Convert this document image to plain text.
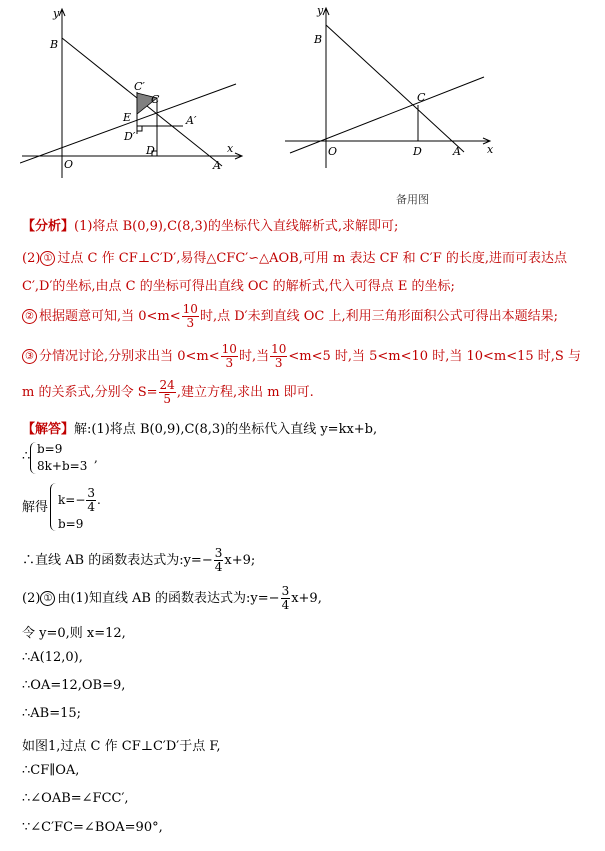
y
x
B
C′
C
E	A′
D′
O
D
A
y
x
B
C
O	D	A
备用图
【分析】(1)将点 B(0,9),C(8,3)的坐标代入直线解析式,求解即可;
(2) ① 过点 C 作 CF⊥C′D′,易得△CFC′∽△AOB,可用 m 表达 CF 和 C′F 的长度,进而可表达点
C′,D′的坐标,由点 C 的坐标可得出直线 OC 的解析式,代入可得点 E 的坐标;
② 根据题意可知,当 $0<m< \frac{10}{3}$ 时,点 D′未到直线 OC 上,利用三角形面积公式可得出本题结果;
③ 分情况讨论,分别求出当 $0<m< \frac{10}{3}$ 时,当 $\frac{10}{3} <m<5$ 时,当 5<m<10 时,当 10<m<15 时,S 与
m 的关系式,分别令 $S= \frac{24}{5}$ ,建立方程,求出 m 即可.
【解答】解:(1)将点 B(0,9),C(8,3)的坐标代入直线 y=kx+b,
∴ b=9
8k+b=3
,
解得 $k=- \frac{3}{4}$ .
b=9
∴直线 AB 的函数表达式为:y=− $\frac{3}{4} x+9$;
(2) ① 由(1)知直线 AB 的函数表达式为:y=− $\frac{3}{4} x+9$,
令 y=0,则 x=12,
∴A(12,0),
∴OA=12,OB=9,
∴AB=15;
如图1,过点 C 作 CF⊥C′D′于点 F,
∴CF∥OA,
∴∠OAB=∠FCC′,
∵∠C′FC=∠BOA=90°,
